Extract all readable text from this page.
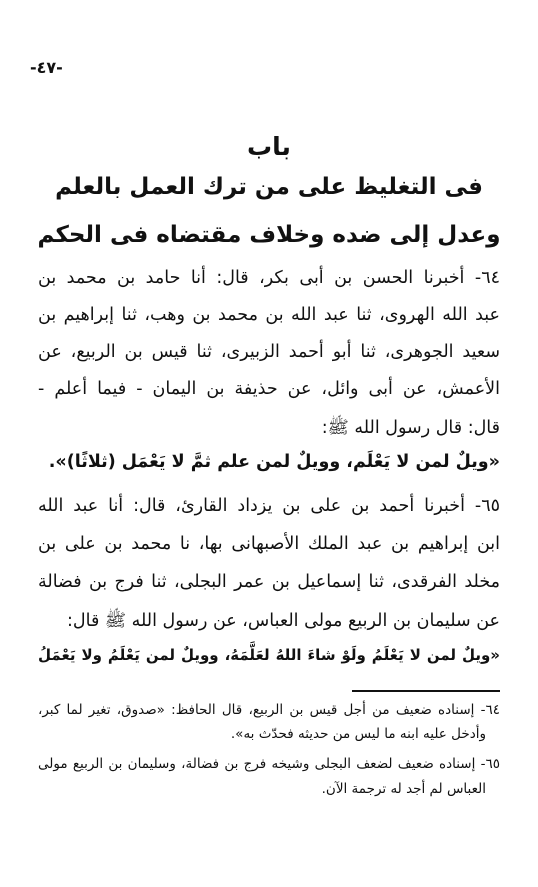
-٤٧-
باب
فى التغليظ على من ترك العمل بالعلم
وعدل إلى ضده وخلاف مقتضاه فى الحكم
٦٤- أخبرنا الحسن بن أبى بكر، قال: أنا حامد بن محمد بن
عبد الله الهروى، ثنا عبد الله بن محمد بن وهب، ثنا إبراهيم بن
سعيد الجوهرى، ثنا أبو أحمد الزبيرى، ثنا قيس بن الربيع، عن
الأعمش، عن أبى وائل، عن حذيفة بن اليمان - فيما أعلم -
قال: قال رسول الله ﷺ:
«ويلٌ لمن لا يَعْلَم، وويلٌ لمن علم ثمَّ لا يَعْمَل (ثلاثًا)».
٦٥- أخبرنا أحمد بن على بن يزداد القارئ، قال: أنا عبد الله
ابن إبراهيم بن عبد الملك الأصبهانى بها، نا محمد بن على بن
مخلد الفرقدى، ثنا إسماعيل بن عمر البجلى، ثنا فرج بن فضالة
عن سليمان بن الربيع مولى العباس، عن رسول الله ﷺ قال:
«ويلٌ لمن لا يَعْلَمُ ولَوْ شاءَ اللهُ لعَلَّمَهُ، وويلٌ لمن يَعْلَمُ ولا يَعْمَلُ
٦٤- إسناده ضعيف من أجل قيس بن الربيع، قال الحافظ: «صدوق، تغير لما كبر،
وأدخل عليه ابنه ما ليس من حديثه فحدّث به».
٦٥- إسناده ضعيف لضعف البجلى وشيخه فرج بن فضالة، وسليمان بن الربيع مولى
العباس لم أجد له ترجمة الآن.
